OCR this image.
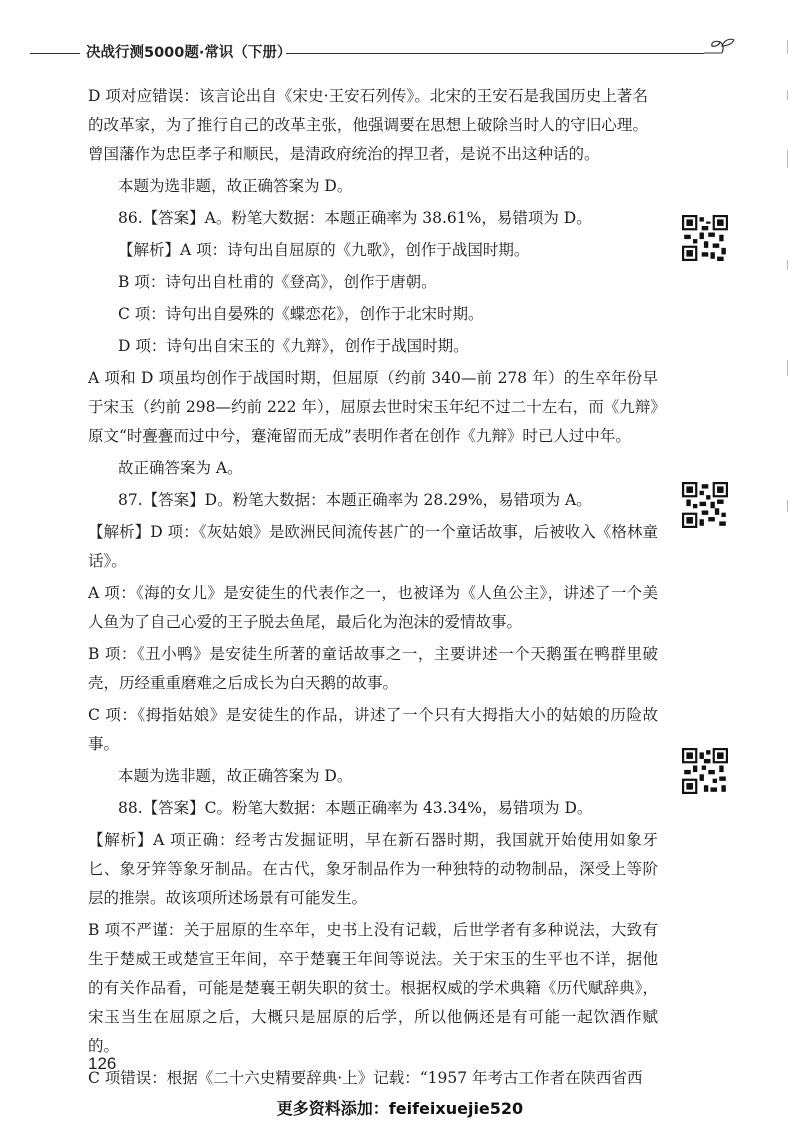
决战行测5000题·常识（下册）

D 项对应错误：该言论出自《宋史·王安石列传》。北宋的王安石是我国历史上著名的改革家，为了推行自己的改革主张，他强调要在思想上破除当时人的守旧心理。曾国藩作为忠臣孝子和顺民，是清政府统治的捍卫者，是说不出这种话的。

本题为选非题，故正确答案为 D。

86.【答案】A。粉笔大数据：本题正确率为 38.61%，易错项为 D。

【解析】A 项：诗句出自屈原的《九歌》，创作于战国时期。

B 项：诗句出自杜甫的《登高》，创作于唐朝。

C 项：诗句出自晏殊的《蝶恋花》，创作于北宋时期。

D 项：诗句出自宋玉的《九辩》，创作于战国时期。

A 项和 D 项虽均创作于战国时期，但屈原（约前 340—前 278 年）的生卒年份早于宋玉（约前 298—约前 222 年），屈原去世时宋玉年纪不过二十左右，而《九辩》原文“时亹亹而过中兮，蹇淹留而无成”表明作者在创作《九辩》时已人过中年。

故正确答案为 A。

87.【答案】D。粉笔大数据：本题正确率为 28.29%，易错项为 A。

【解析】D 项：《灰姑娘》是欧洲民间流传甚广的一个童话故事，后被收入《格林童话》。

A 项：《海的女儿》是安徒生的代表作之一，也被译为《人鱼公主》，讲述了一个美人鱼为了自己心爱的王子脱去鱼尾，最后化为泡沫的爱情故事。

B 项：《丑小鸭》是安徒生所著的童话故事之一，主要讲述一个天鹅蛋在鸭群里破壳，历经重重磨难之后成长为白天鹅的故事。

C 项：《拇指姑娘》是安徒生的作品，讲述了一个只有大拇指大小的姑娘的历险故事。

本题为选非题，故正确答案为 D。

88.【答案】C。粉笔大数据：本题正确率为 43.34%，易错项为 D。

【解析】A 项正确：经考古发掘证明，早在新石器时期，我国就开始使用如象牙匕、象牙笄等象牙制品。在古代，象牙制品作为一种独特的动物制品，深受上等阶层的推崇。故该项所述场景有可能发生。

B 项不严谨：关于屈原的生卒年，史书上没有记载，后世学者有多种说法，大致有生于楚威王或楚宣王年间，卒于楚襄王年间等说法。关于宋玉的生平也不详，据他的有关作品看，可能是楚襄王朝失职的贫士。根据权威的学术典籍《历代赋辞典》，宋玉当生在屈原之后，大概只是屈原的后学，所以他俩还是有可能一起饮酒作赋的。

C 项错误：根据《二十六史精要辞典·上》记载：“1957 年考古工作者在陕西省西

126
更多资料添加：feifeixuejie520
